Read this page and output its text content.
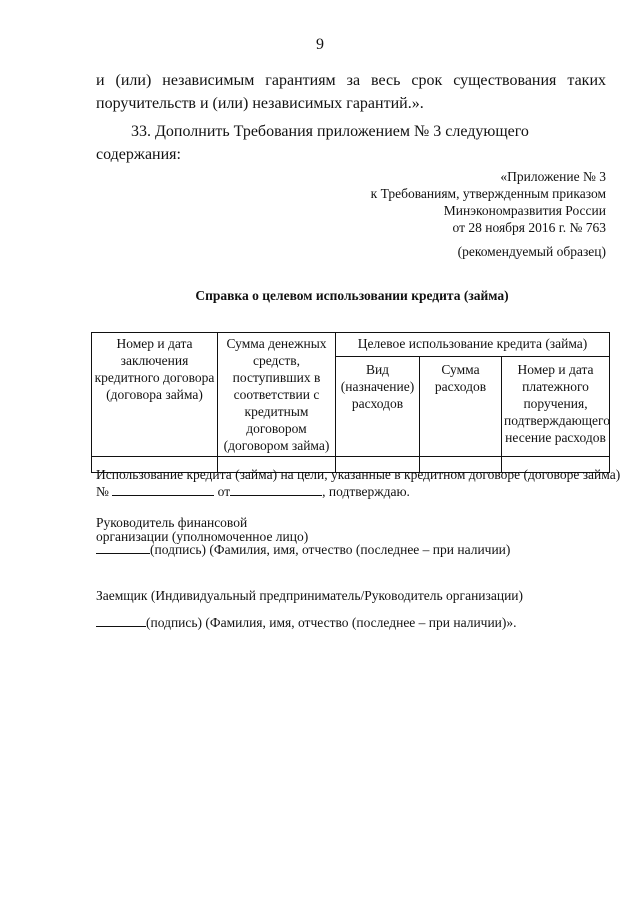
9
и (или) независимым гарантиям за весь срок существования таких
поручительств и (или) независимых гарантий.».
33. Дополнить Требования приложением № 3 следующего содержания:
«Приложение № 3
к Требованиям, утвержденным приказом
Минэкономразвития России
от 28 ноября 2016 г. № 763
(рекомендуемый образец)
Справка о целевом использовании кредита (займа)
Номер и дата заключения кредитного договора (договора займа)	Сумма денежных средств, поступивших в соответствии с кредитным договором (договором займа)	Целевое использование кредита (займа)		
		Вид (назначение) расходов	Сумма расходов	Номер и дата платежного поручения, подтверждающего несение расходов

Использование кредита (займа) на цели, указанные в кредитном договоре (договоре займа)
№	от	, подтверждаю.
Руководитель финансовой
организации (уполномоченное лицо)
(подпись) (Фамилия, имя, отчество (последнее – при наличии)
Заемщик (Индивидуальный предприниматель/Руководитель организации)
(подпись) (Фамилия, имя, отчество (последнее – при наличии)».
